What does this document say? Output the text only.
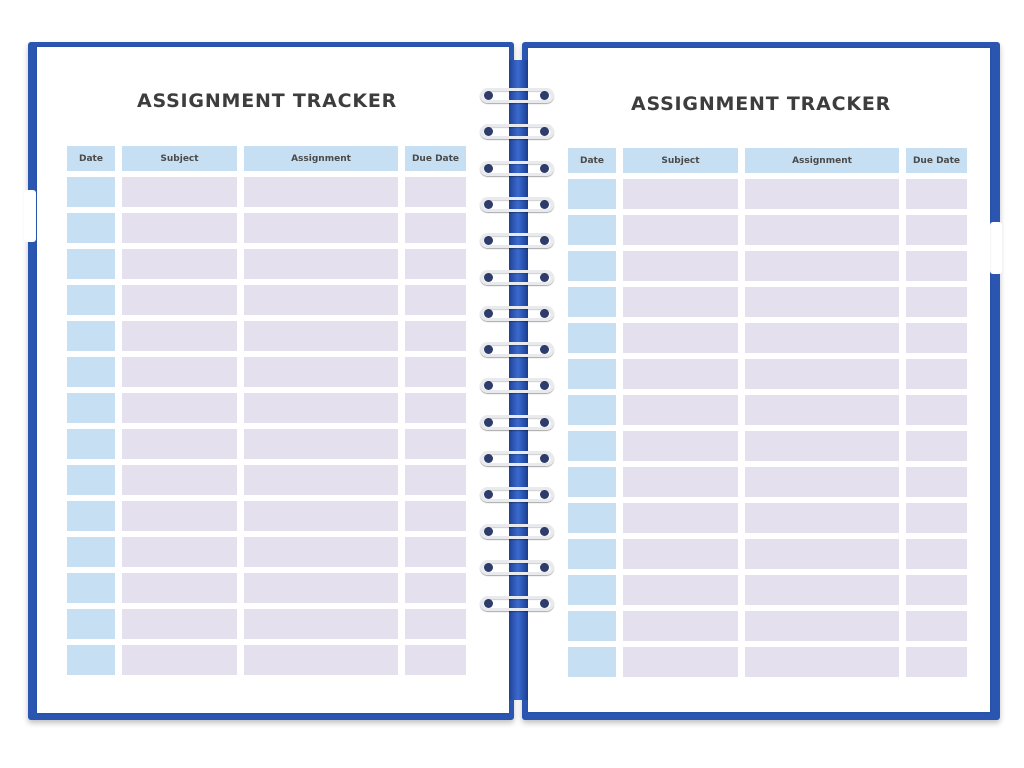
ASSIGNMENT TRACKER
Date	Subject	Assignment	Due Date
ASSIGNMENT TRACKER
Date	Subject	Assignment	Due Date
